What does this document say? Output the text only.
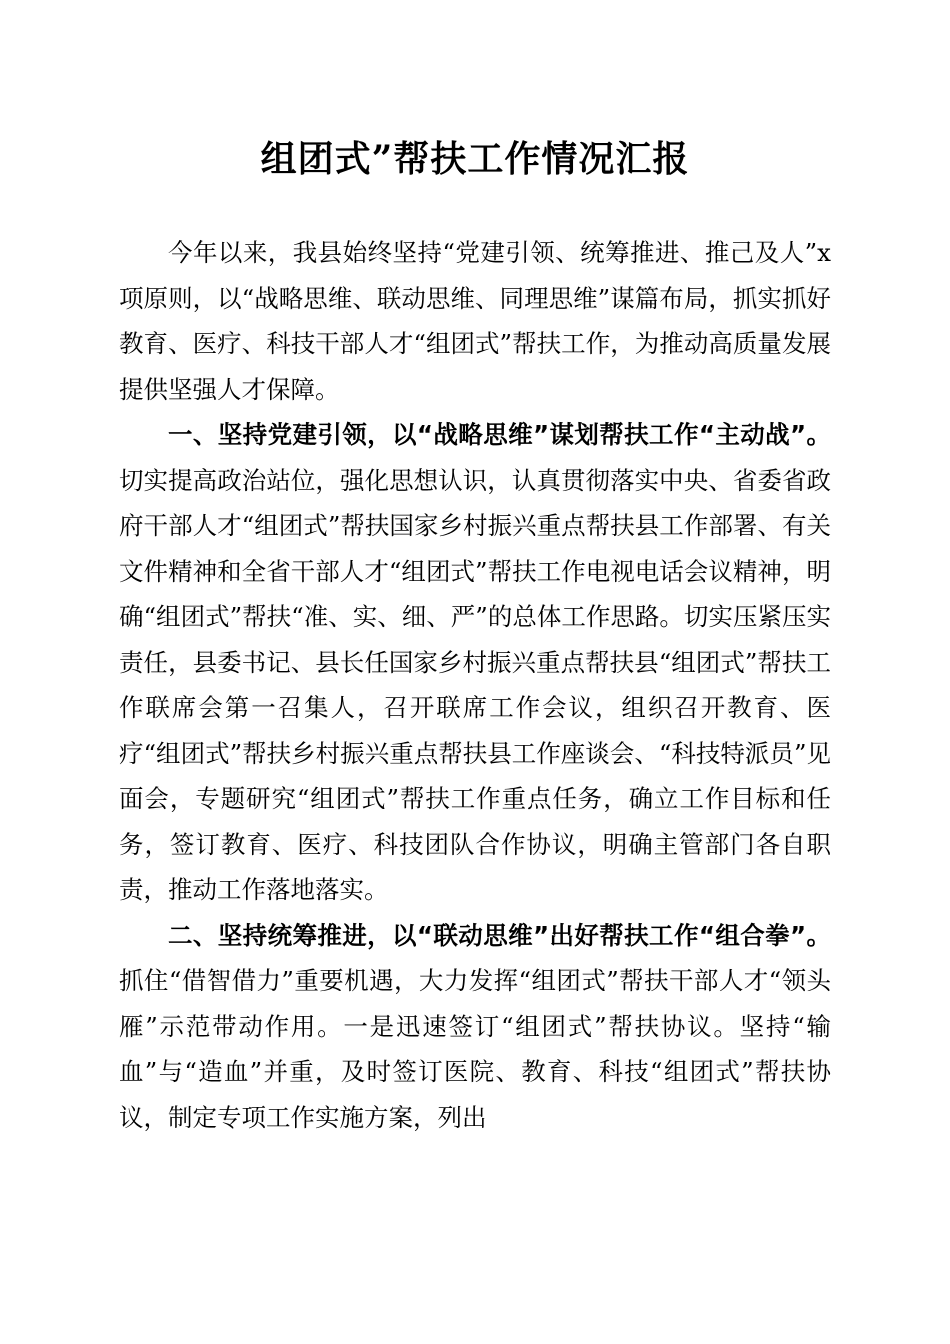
组团式”帮扶工作情况汇报

今年以来，我县始终坚持“党建引领、统筹推进、推己及人”x项原则，以“战略思维、联动思维、同理思维”谋篇布局，抓实抓好教育、医疗、科技干部人才“组团式”帮扶工作，为推动高质量发展提供坚强人才保障。

一、坚持党建引领，以“战略思维”谋划帮扶工作“主动战”。切实提高政治站位，强化思想认识，认真贯彻落实中央、省委省政府干部人才“组团式”帮扶国家乡村振兴重点帮扶县工作部署、有关文件精神和全省干部人才“组团式”帮扶工作电视电话会议精神，明确“组团式”帮扶“准、实、细、严”的总体工作思路。切实压紧压实责任，县委书记、县长任国家乡村振兴重点帮扶县“组团式”帮扶工作联席会第一召集人，召开联席工作会议，组织召开教育、医疗“组团式”帮扶乡村振兴重点帮扶县工作座谈会、“科技特派员”见面会，专题研究“组团式”帮扶工作重点任务，确立工作目标和任务，签订教育、医疗、科技团队合作协议，明确主管部门各自职责，推动工作落地落实。

二、坚持统筹推进，以“联动思维”出好帮扶工作“组合拳”。抓住“借智借力”重要机遇，大力发挥“组团式”帮扶干部人才“领头雁”示范带动作用。一是迅速签订“组团式”帮扶协议。坚持“输血”与“造血”并重，及时签订医院、教育、科技“组团式”帮扶协议，制定专项工作实施方案，列出
